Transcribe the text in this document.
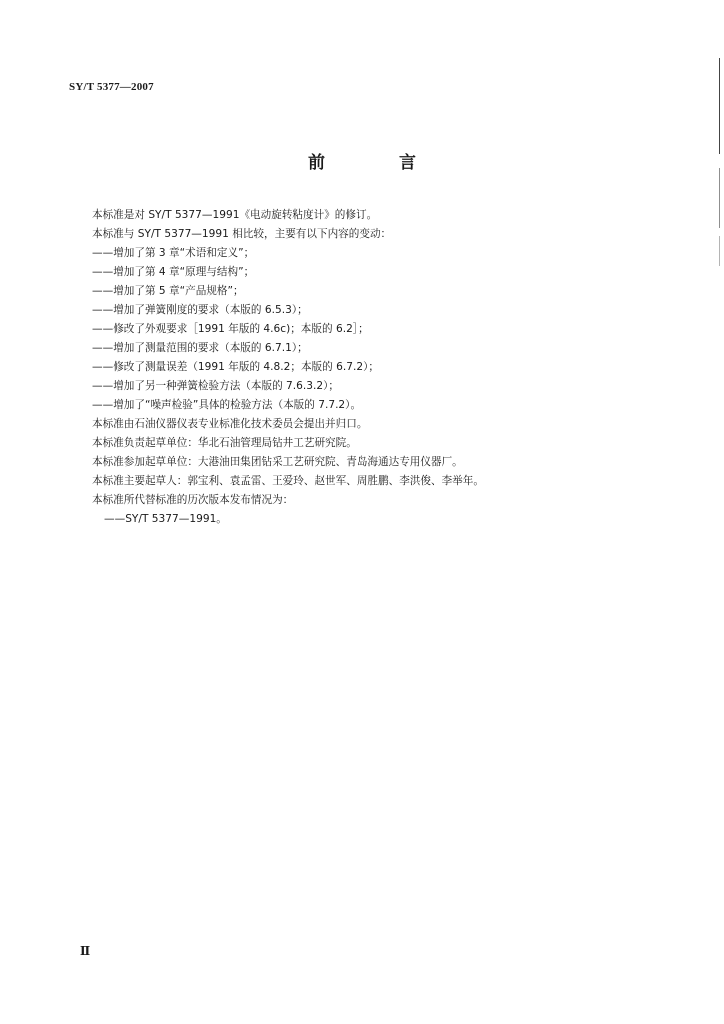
SY/T 5377—2007
前 言
本标准是对 SY/T 5377—1991《电动旋转粘度计》的修订。
本标准与 SY/T 5377—1991 相比较，主要有以下内容的变动：
——增加了第 3 章“术语和定义”；
——增加了第 4 章“原理与结构”；
——增加了第 5 章“产品规格”；
——增加了弹簧刚度的要求（本版的 6.5.3）；
——修改了外观要求［1991 年版的 4.6c)；本版的 6.2］；
——增加了测量范围的要求（本版的 6.7.1）；
——修改了测量误差（1991 年版的 4.8.2；本版的 6.7.2）；
——增加了另一种弹簧检验方法（本版的 7.6.3.2）；
——增加了“噪声检验”具体的检验方法（本版的 7.7.2）。
本标准由石油仪器仪表专业标准化技术委员会提出并归口。
本标准负责起草单位：华北石油管理局钻井工艺研究院。
本标准参加起草单位：大港油田集团钻采工艺研究院、青岛海通达专用仪器厂。
本标准主要起草人：郭宝利、袁孟雷、王爱玲、赵世军、周胜鹏、李洪俊、李举年。
本标准所代替标准的历次版本发布情况为：
——SY/T 5377—1991。
Ⅱ
